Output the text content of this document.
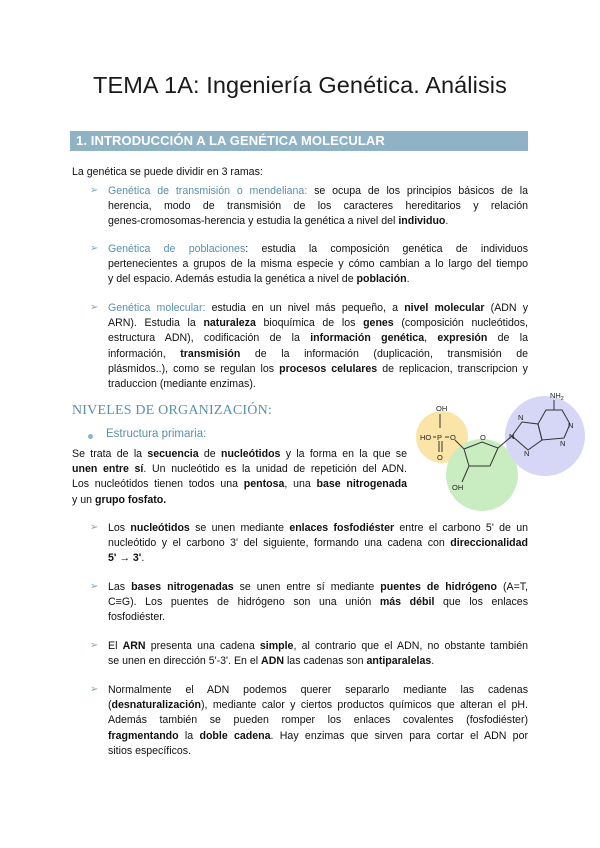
TEMA 1A: Ingeniería Genética. Análisis
1. INTRODUCCIÓN A LA GENÉTICA MOLECULAR
La genética se puede dividir en 3 ramas:
➢ Genética de transmisión o mendeliana: se ocupa de los principios básicos de la
herencia, modo de transmisión de los caracteres hereditarios y relación
genes-cromosomas-herencia y estudia la genética a nivel del individuo.
➢ Genética de poblaciones: estudia la composición genética de individuos
pertenecientes a grupos de la misma especie y cómo cambian a lo largo del tiempo
y del espacio. Además estudia la genética a nivel de población.
➢ Genética molecular: estudia en un nivel más pequeño, a nivel molecular (ADN y
ARN). Estudia la naturaleza bioquímica de los genes (composición nucleótidos,
estructura ADN), codificación de la información genética, expresión de la
información, transmisión de la información (duplicación, transmisión de
plásmidos..), como se regulan los procesos celulares de replicacion, transcripcion y
traduccion (mediante enzimas).
NIVELES DE ORGANIZACIÓN:
Estructura primaria:
Se trata de la secuencia de nucleótidos y la forma en la que se
unen entre sí. Un nucleótido es la unidad de repetición del ADN.
Los nucleótidos tienen todos una pentosa, una base nitrogenada
y un grupo fosfato.
OH
P
HO	O
O
O
OH
N
N
N
N
N
$NH_2$
➢ Los nucleótidos se unen mediante enlaces fosfodiéster entre el carbono 5' de un
nucleótido y el carbono 3' del siguiente, formando una cadena con direccionalidad
5' → 3'.
➢ Las bases nitrogenadas se unen entre sí mediante puentes de hidrógeno (A=T,
C≡G). Los puentes de hidrógeno son una unión más débil que los enlaces
fosfodiéster.
➢ El ARN presenta una cadena simple, al contrario que el ADN, no obstante también
se unen en dirección 5'-3'. En el ADN las cadenas son antiparalelas.
➢ Normalmente el ADN podemos querer separarlo mediante las cadenas
(desnaturalización), mediante calor y ciertos productos químicos que alteran el pH.
Además también se pueden romper los enlaces covalentes (fosfodiéster)
fragmentando la doble cadena. Hay enzimas que sirven para cortar el ADN por
sitios específicos.
